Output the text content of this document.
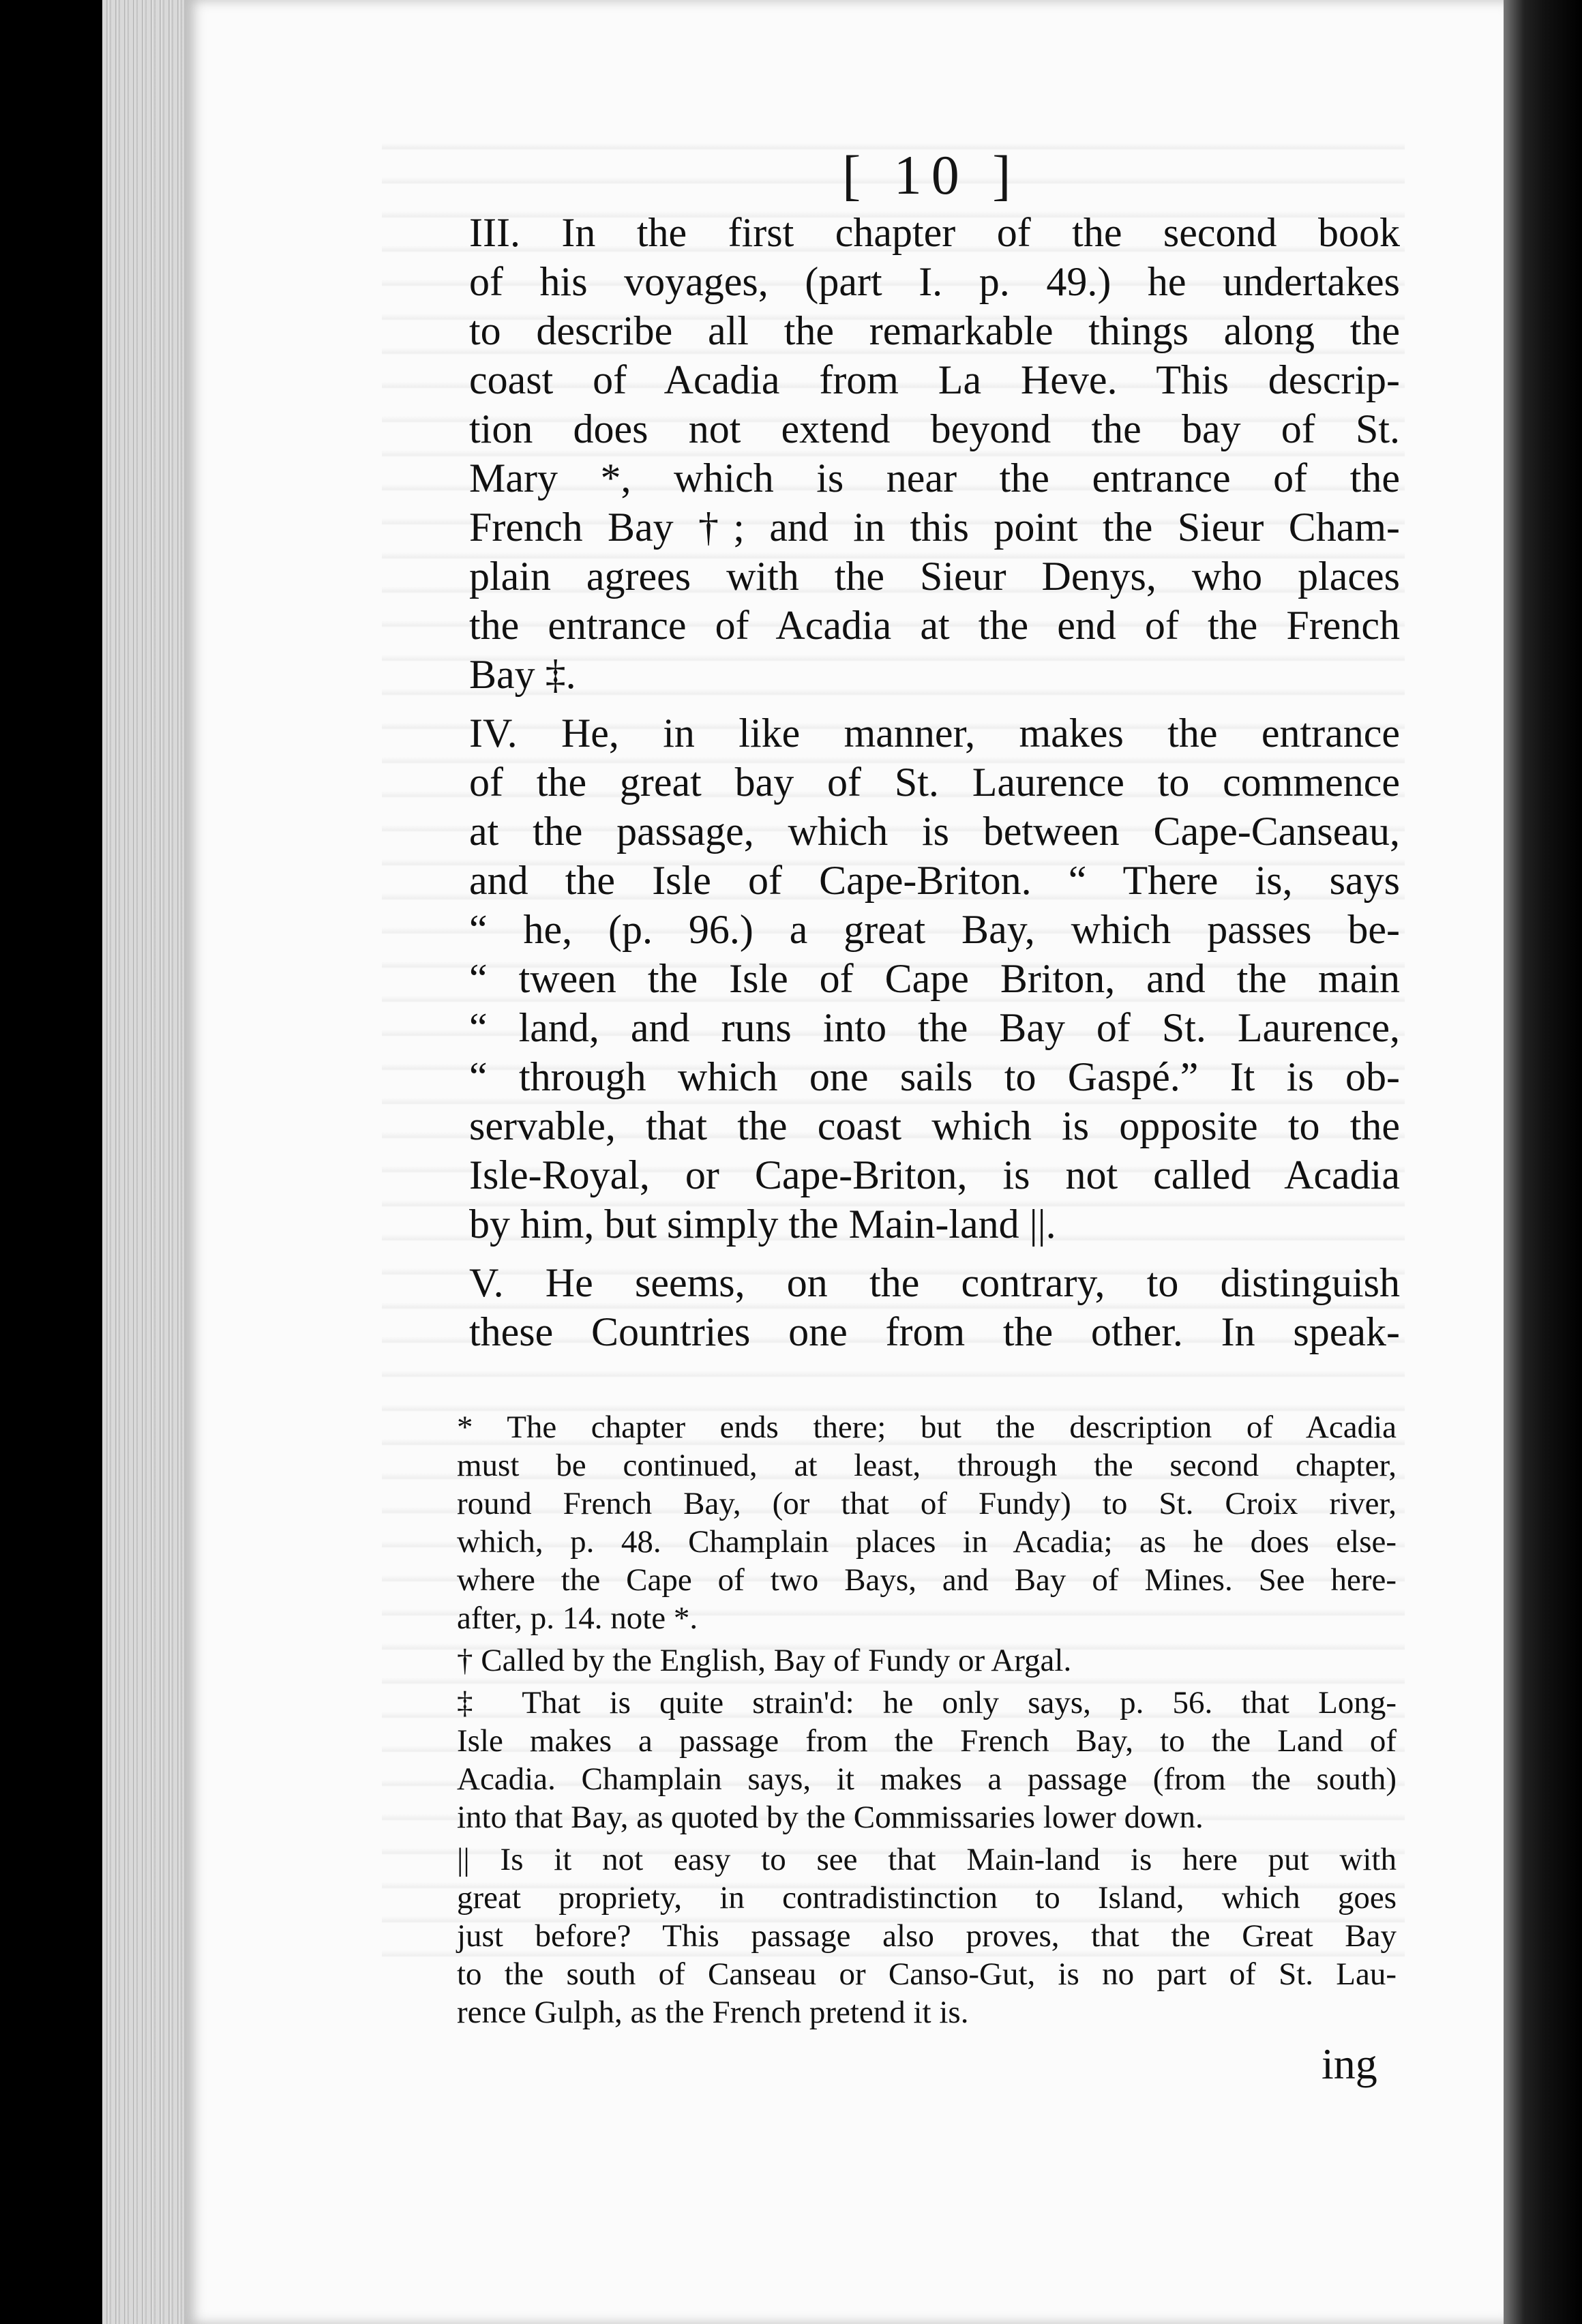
[ 10 ]
III. In the first chapter of the second book
of his voyages, (part I. p. 49.) he undertakes
to describe all the remarkable things along the
coast of Acadia from La Heve. This descrip-
tion does not extend beyond the bay of St.
Mary *, which is near the entrance of the
French Bay †; and in this point the Sieur Cham-
plain agrees with the Sieur Denys, who places
the entrance of Acadia at the end of the French
Bay ‡.
IV. He, in like manner, makes the entrance
of the great bay of St. Laurence to commence
at the passage, which is between Cape-Canseau,
and the Isle of Cape-Briton. “ There is, says
“ he, (p. 96.) a great Bay, which passes be-
“ tween the Isle of Cape Briton, and the main
“ land, and runs into the Bay of St. Laurence,
“ through which one sails to Gaspé.” It is ob-
servable, that the coast which is opposite to the
Isle-Royal, or Cape-Briton, is not called Acadia
by him, but simply the Main-land ||.
V. He seems, on the contrary, to distinguish
these Countries one from the other. In speak-
* The chapter ends there; but the description of Acadia
must be continued, at least, through the second chapter,
round French Bay, (or that of Fundy) to St. Croix river,
which, p. 48. Champlain places in Acadia; as he does else-
where the Cape of two Bays, and Bay of Mines. See here-
after, p. 14. note *.
† Called by the English, Bay of Fundy or Argal.
‡ That is quite strain'd: he only says, p. 56. that Long-
Isle makes a passage from the French Bay, to the Land of
Acadia. Champlain says, it makes a passage (from the south)
into that Bay, as quoted by the Commissaries lower down.
|| Is it not easy to see that Main-land is here put with
great propriety, in contradistinction to Island, which goes
just before? This passage also proves, that the Great Bay
to the south of Canseau or Canso-Gut, is no part of St. Lau-
rence Gulph, as the French pretend it is.
ing
